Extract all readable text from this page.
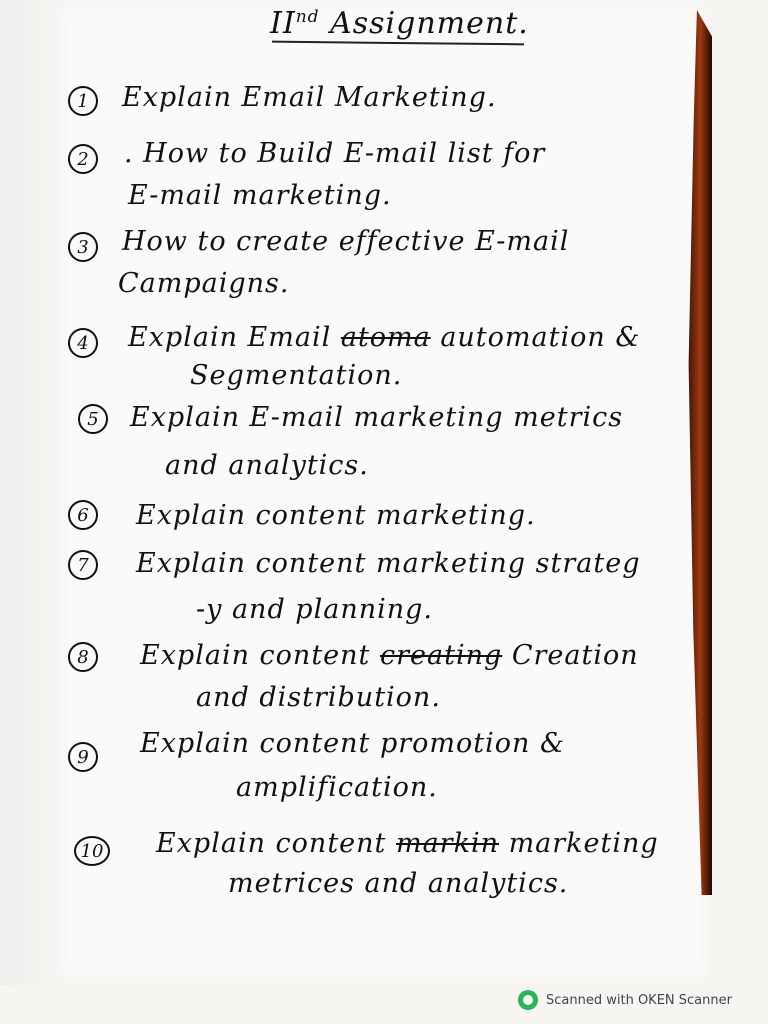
IInd Assignment.
1	Explain Email Marketing.
2	. How to Build E-mail list for
E-mail marketing.
3	How to create effective E-mail
Campaigns.
4	Explain Email atoma automation &
Segmentation.
5	Explain E-mail marketing metrics
and analytics.
6	Explain content marketing.
7	Explain content marketing strateg
-y and planning.
8	Explain content creating Creation
and distribution.
9	Explain content promotion &
amplification.
10 Explain content markin marketing
metrices and analytics.
Scanned with OKEN Scanner
